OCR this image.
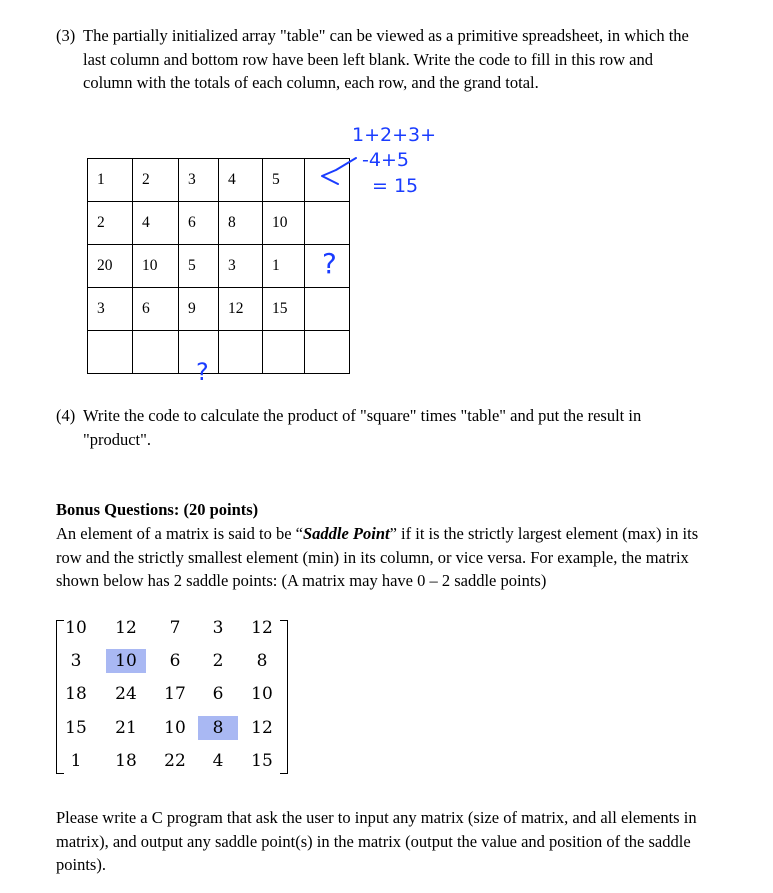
(3) The partially initialized array "table" can be viewed as a primitive spreadsheet, in which the last column and bottom row have been left blank. Write the code to fill in this row and column with the totals of each column, each row, and the grand total.
1	2	3	4	5	
2	4	6	8	10	
20	10	5	3	1	
3	6	9	12	15	

1+2+3+
-4+5
= 15
?
?
(4) Write the code to calculate the product of "square" times "table" and put the result in "product".
Bonus Questions: (20 points)
An element of a matrix is said to be “Saddle Point” if it is the strictly largest element (max) in its row and the strictly smallest element (min) in its column, or vice versa. For example, the matrix shown below has 2 saddle points: (A matrix may have 0 – 2 saddle points)
10	12	7	3	12
3	10	6	2	8
18	24	17	6	10
15	21	10	8	12
1	18	22	4	15
Please write a C program that ask the user to input any matrix (size of matrix, and all elements in matrix), and output any saddle point(s) in the matrix (output the value and position of the saddle points).
